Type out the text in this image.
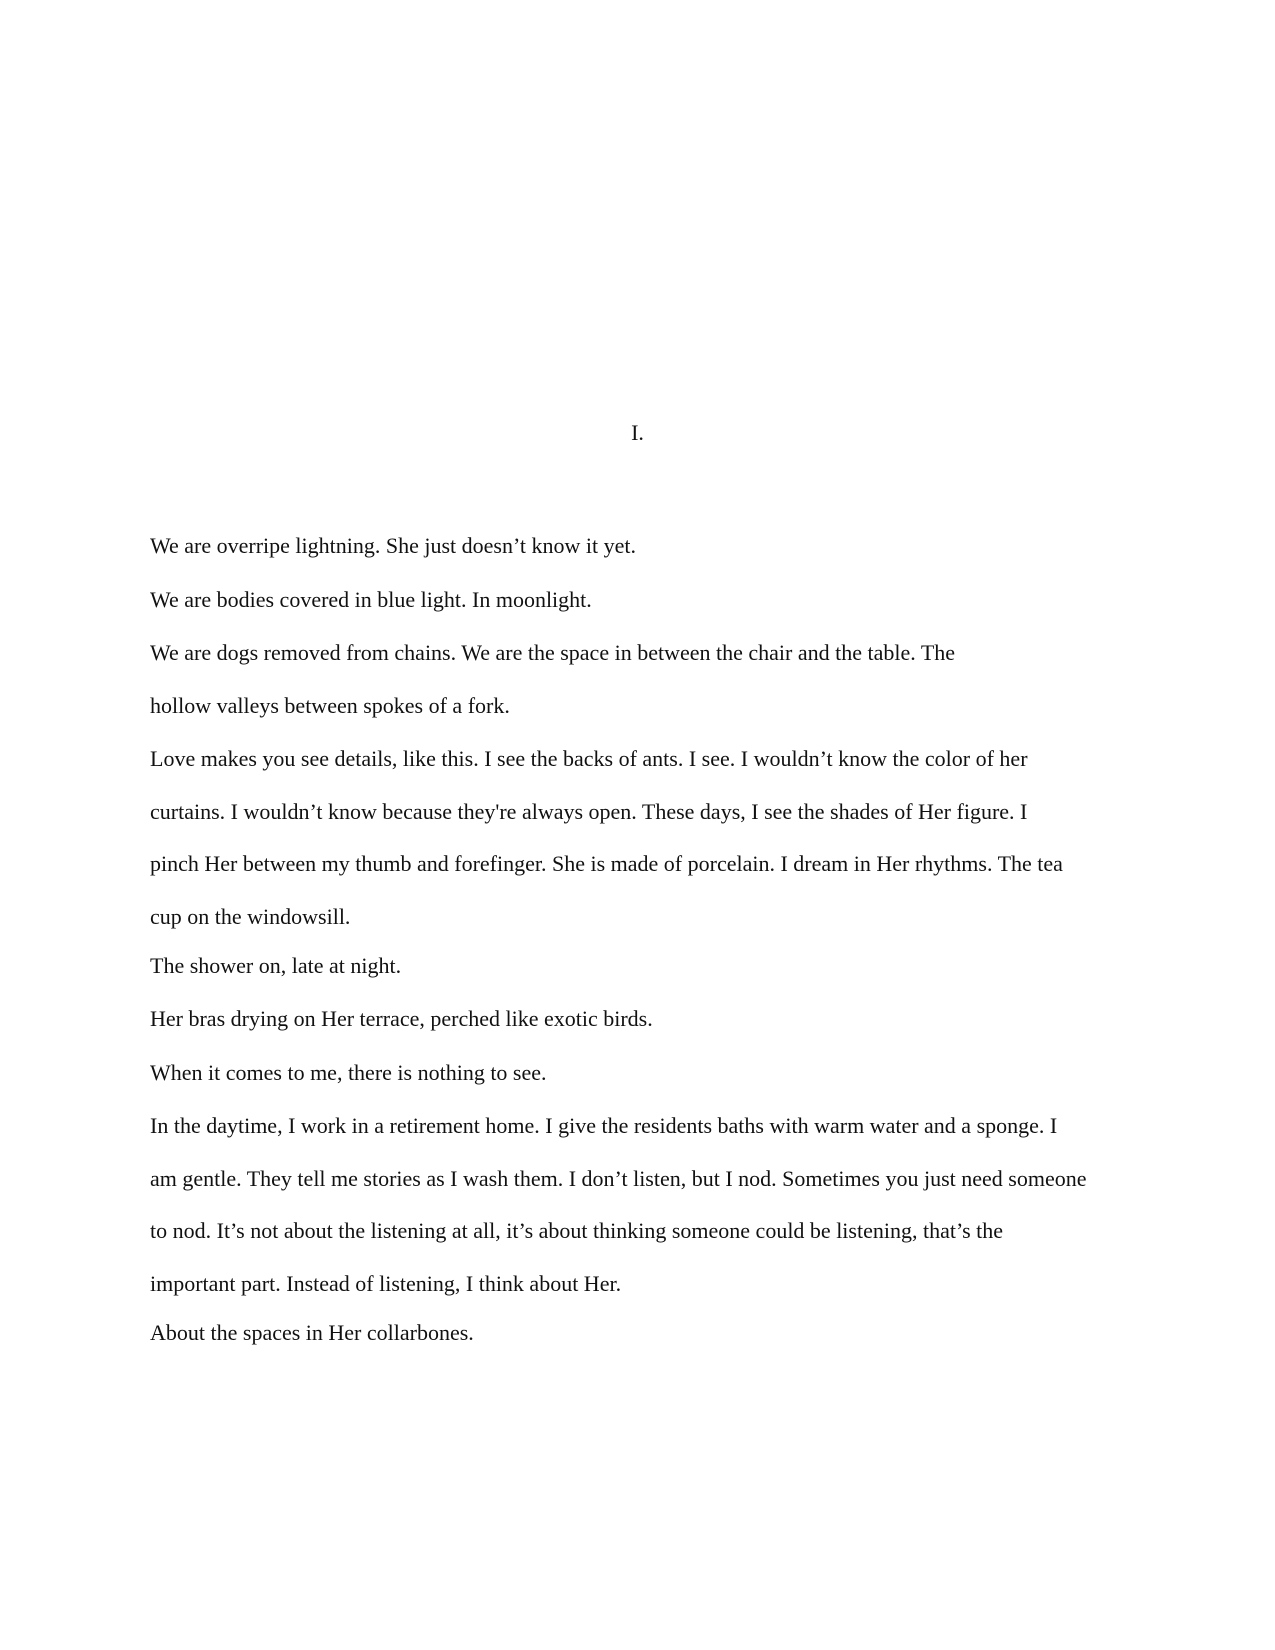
I.

We are overripe lightning. She just doesn’t know it yet.

We are bodies covered in blue light. In moonlight.

We are dogs removed from chains. We are the space in between the chair and the table. The
hollow valleys between spokes of a fork.

Love makes you see details, like this. I see the backs of ants. I see. I wouldn’t know the color of her
curtains. I wouldn’t know because they're always open. These days, I see the shades of Her figure. I
pinch Her between my thumb and forefinger. She is made of porcelain. I dream in Her rhythms. The tea
cup on the windowsill.

The shower on, late at night.

Her bras drying on Her terrace, perched like exotic birds.

When it comes to me, there is nothing to see.

In the daytime, I work in a retirement home. I give the residents baths with warm water and a sponge. I
am gentle. They tell me stories as I wash them. I don’t listen, but I nod. Sometimes you just need someone
to nod. It’s not about the listening at all, it’s about thinking someone could be listening, that’s the
important part. Instead of listening, I think about Her.

About the spaces in Her collarbones.
